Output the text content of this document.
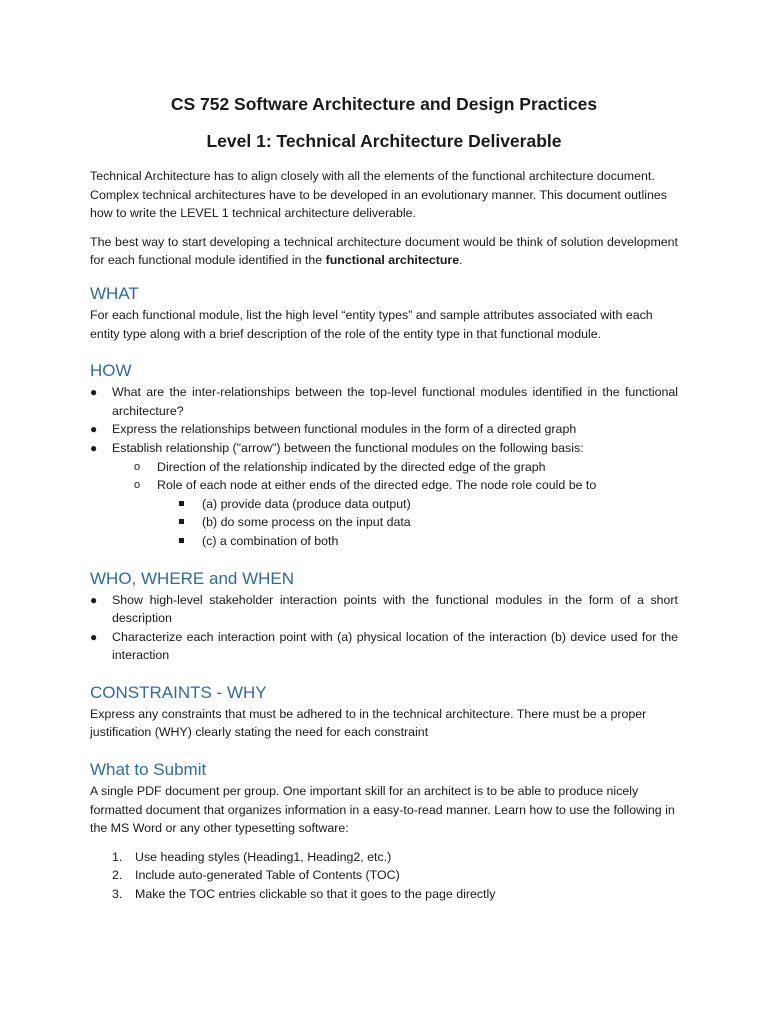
CS 752 Software Architecture and Design Practices
Level 1: Technical Architecture Deliverable

Technical Architecture has to align closely with all the elements of the functional architecture document. Complex technical architectures have to be developed in an evolutionary manner. This document outlines how to write the LEVEL 1 technical architecture deliverable.

The best way to start developing a technical architecture document would be think of solution development for each functional module identified in the functional architecture.

WHAT

For each functional module, list the high level “entity types” and sample attributes associated with each entity type along with a brief description of the role of the entity type in that functional module.

HOW
● What are the inter-relationships between the top-level functional modules identified in the functional architecture?
● Express the relationships between functional modules in the form of a directed graph
● Establish relationship ("arrow") between the functional modules on the following basis:
o Direction of the relationship indicated by the directed edge of the graph
o Role of each node at either ends of the directed edge. The node role could be to
(a) provide data (produce data output)
(b) do some process on the input data
(c) a combination of both
WHO, WHERE and WHEN
● Show high-level stakeholder interaction points with the functional modules in the form of a short description
● Characterize each interaction point with (a) physical location of the interaction (b) device used for the interaction
CONSTRAINTS - WHY

Express any constraints that must be adhered to in the technical architecture. There must be a proper justification (WHY) clearly stating the need for each constraint

What to Submit

A single PDF document per group. One important skill for an architect is to be able to produce nicely formatted document that organizes information in a easy-to-read manner. Learn how to use the following in the MS Word or any other typesetting software:

1. Use heading styles (Heading1, Heading2, etc.)
2. Include auto-generated Table of Contents (TOC)
3. Make the TOC entries clickable so that it goes to the page directly
